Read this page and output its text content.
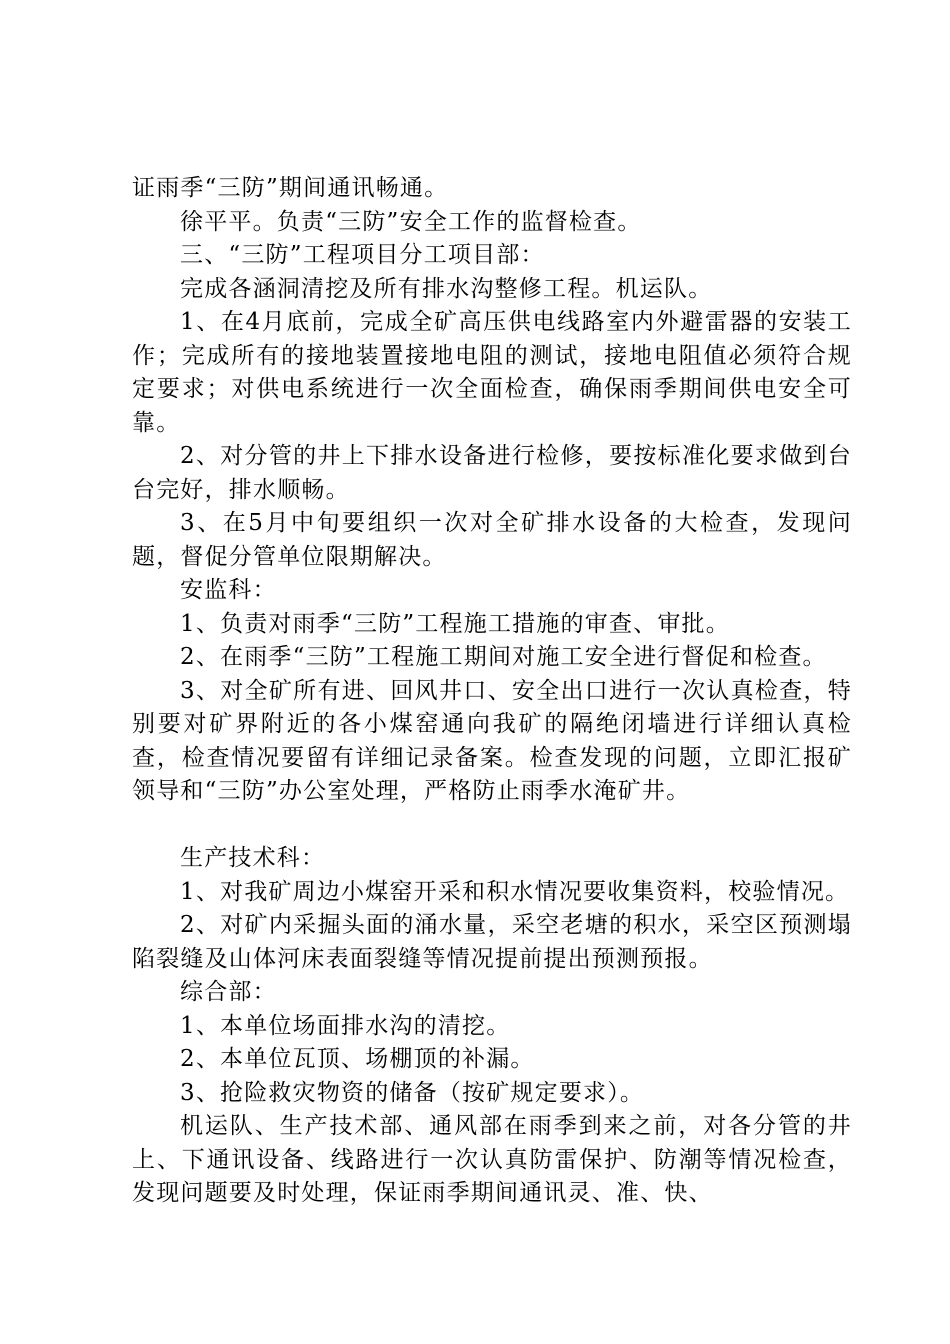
证雨季“三防”期间通讯畅通。

徐平平。负责“三防”安全工作的监督检查。

三、“三防”工程项目分工项目部：

完成各涵洞清挖及所有排水沟整修工程。机运队。

1、在4月底前，完成全矿高压供电线路室内外避雷器的安装工作；完成所有的接地装置接地电阻的测试，接地电阻值必须符合规定要求；对供电系统进行一次全面检查，确保雨季期间供电安全可靠。

2、对分管的井上下排水设备进行检修，要按标准化要求做到台台完好，排水顺畅。

3、在5月中旬要组织一次对全矿排水设备的大检查，发现问题，督促分管单位限期解决。

安监科：

1、负责对雨季“三防”工程施工措施的审查、审批。

2、在雨季“三防”工程施工期间对施工安全进行督促和检查。

3、对全矿所有进、回风井口、安全出口进行一次认真检查，特别要对矿界附近的各小煤窑通向我矿的隔绝闭墙进行详细认真检查，检查情况要留有详细记录备案。检查发现的问题，立即汇报矿领导和“三防”办公室处理，严格防止雨季水淹矿井。

生产技术科：

1、对我矿周边小煤窑开采和积水情况要收集资料，校验情况。

2、对矿内采掘头面的涌水量，采空老塘的积水，采空区预测塌陷裂缝及山体河床表面裂缝等情况提前提出预测预报。

综合部：

1、本单位场面排水沟的清挖。

2、本单位瓦顶、场棚顶的补漏。

3、抢险救灾物资的储备（按矿规定要求）。

机运队、生产技术部、通风部在雨季到来之前，对各分管的井上、下通讯设备、线路进行一次认真防雷保护、防潮等情况检查，发现问题要及时处理，保证雨季期间通讯灵、准、快、
